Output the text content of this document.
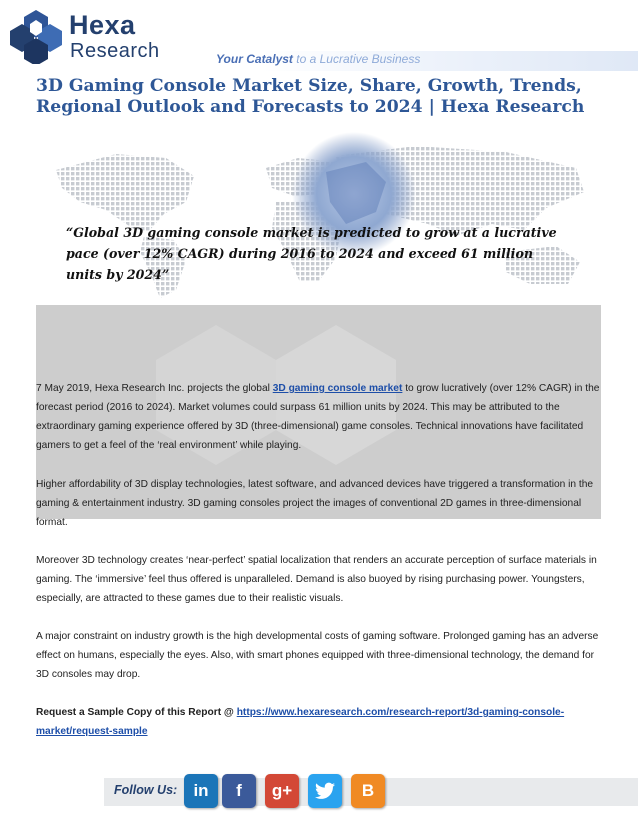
Hexa
Research	Your Catalyst to a Lucrative Business
3D Gaming Console Market Size, Share, Growth, Trends, Regional Outlook and Forecasts to 2024 | Hexa Research
“Global 3D gaming console market is predicted to grow at a lucrative pace (over 12% CAGR) during 2016 to 2024 and exceed 61 million units by 2024”
7 May 2019, Hexa Research Inc. projects the global 3D gaming console market to grow lucratively (over 12% CAGR) in the forecast period (2016 to 2024). Market volumes could surpass 61 million units by 2024. This may be attributed to the extraordinary gaming experience offered by 3D (three-dimensional) game consoles. Technical innovations have facilitated gamers to get a feel of the ‘real environment’ while playing.
Higher affordability of 3D display technologies, latest software, and advanced devices have triggered a transformation in the gaming & entertainment industry. 3D gaming consoles project the images of conventional 2D games in three-dimensional format.
Moreover 3D technology creates ‘near-perfect’ spatial localization that renders an accurate perception of surface materials in gaming. The ‘immersive’ feel thus offered is unparalleled. Demand is also buoyed by rising purchasing power. Youngsters, especially, are attracted to these games due to their realistic visuals.
A major constraint on industry growth is the high developmental costs of gaming software. Prolonged gaming has an adverse effect on humans, especially the eyes. Also, with smart phones equipped with three-dimensional technology, the demand for 3D consoles may drop.
Request a Sample Copy of this Report @ https://www.hexaresearch.com/research-report/3d-gaming-console-market/request-sample
Follow Us: in f g+	B
